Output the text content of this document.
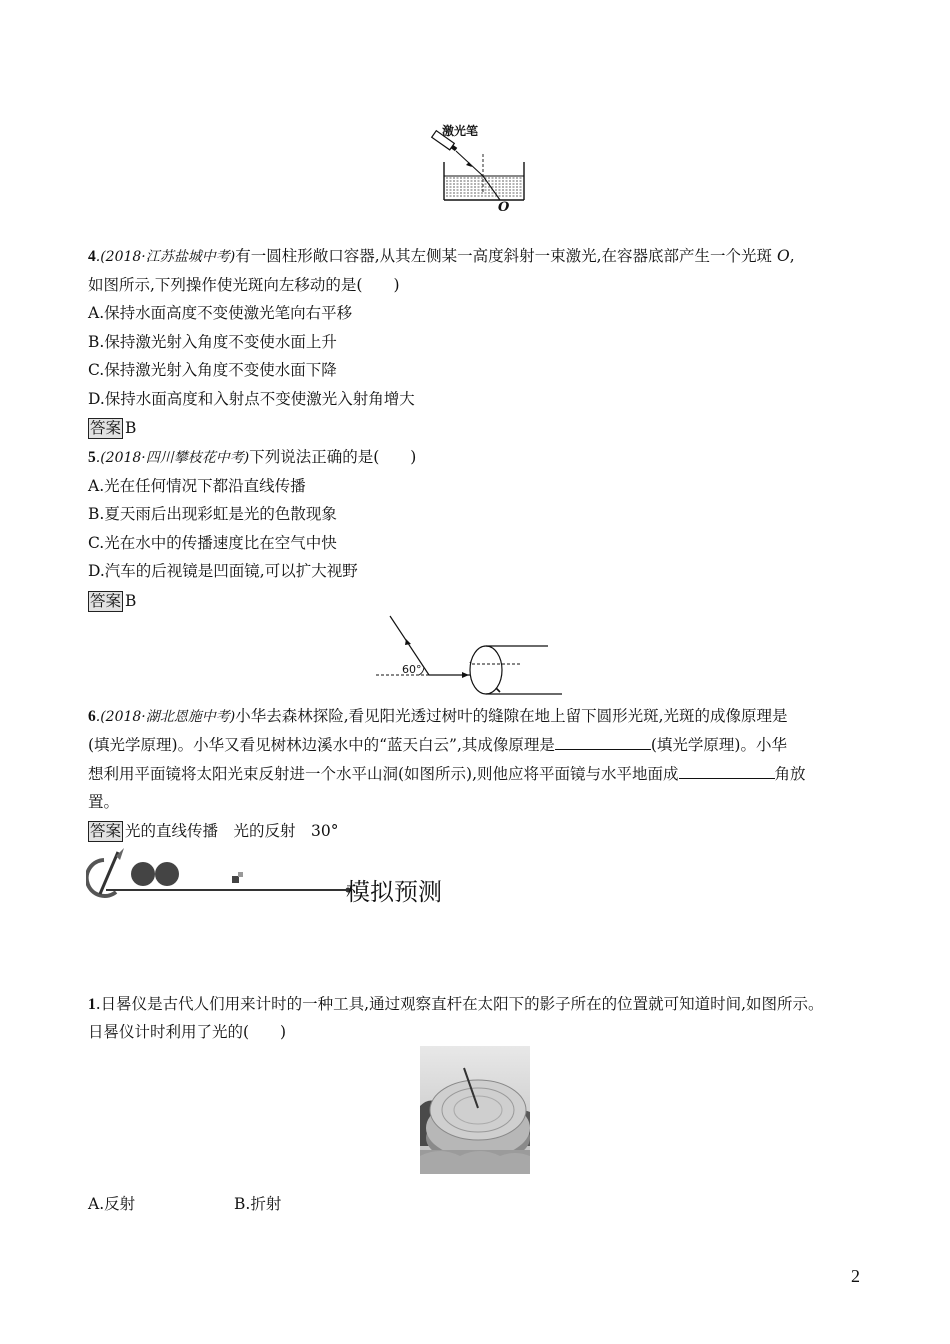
激光笔
O
4.(2018·江苏盐城中考)有一圆柱形敞口容器,从其左侧某一高度斜射一束激光,在容器底部产生一个光斑 O,
如图所示,下列操作使光斑向左移动的是(　　)
A.保持水面高度不变使激光笔向右平移
B.保持激光射入角度不变使水面上升
C.保持激光射入角度不变使水面下降
D.保持水面高度和入射点不变使激光入射角增大
答案 B
5.(2018·四川攀枝花中考)下列说法正确的是(　　)
A.光在任何情况下都沿直线传播
B.夏天雨后出现彩虹是光的色散现象
C.光在水中的传播速度比在空气中快
D.汽车的后视镜是凹面镜,可以扩大视野
答案 B
60°
6.(2018·湖北恩施中考)小华去森林探险,看见阳光透过树叶的缝隙在地上留下圆形光斑,光斑的成像原理是
(填光学原理)。小华又看见树林边溪水中的“蓝天白云”,其成像原理是	(填光学原理)。小华
想利用平面镜将太阳光束反射进一个水平山洞(如图所示),则他应将平面镜与水平地面成	角放
置。
答案 光的直线传播　光的反射　30°
模拟预测
1.日晷仪是古代人们用来计时的一种工具,通过观察直杆在太阳下的影子所在的位置就可知道时间,如图所示。
日晷仪计时利用了光的(　　)
A.反射	B.折射
2
